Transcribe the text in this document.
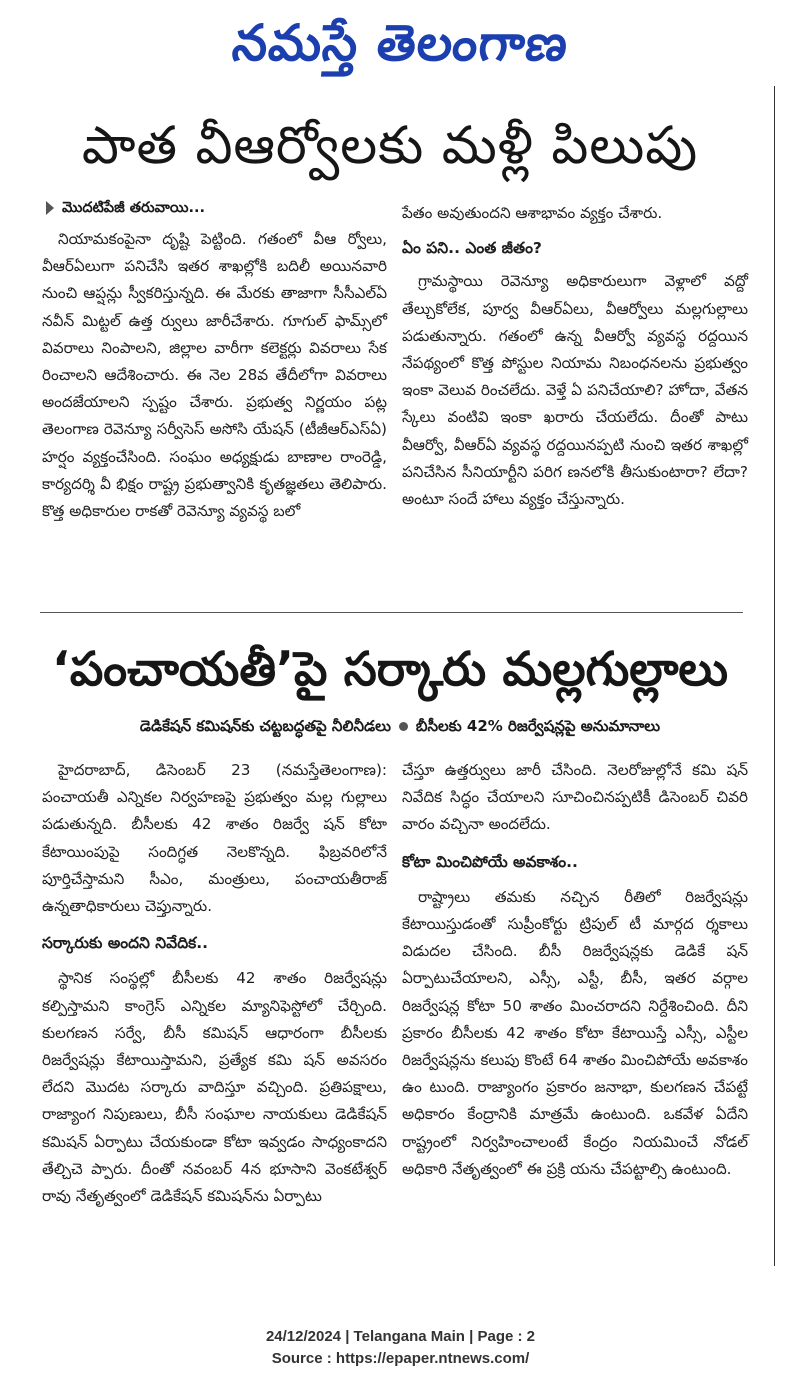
నమస్తే తెలంగాణ
పాత వీఆర్వోలకు మళ్లీ పిలుపు
మొదటిపేజీ తరువాయి...

నియామకంపైనా దృష్టి పెట్టింది. గతంలో వీఆ ర్వోలు, వీఆర్‌ఏలుగా పనిచేసి ఇతర శాఖల్లోకి బదిలీ అయినవారి నుంచి ఆప్షన్లు స్వీకరిస్తున్నది. ఈ మేరకు తాజాగా సీసీఎల్‌ఏ నవీన్ మిట్టల్ ఉత్త ర్వులు జారీచేశారు. గూగుల్ ఫామ్స్‌లో వివరాలు నింపాలని, జిల్లాల వారీగా కలెక్టర్లు వివరాలు సేక రించాలని ఆదేశించారు. ఈ నెల 28వ తేదీలోగా వివరాలు అందజేయాలని స్పష్టం చేశారు. ప్రభుత్వ నిర్ణయం పట్ల తెలంగాణ రెవెన్యూ సర్వీసెస్ అసోసి యేషన్ (టీజీఆర్‌ఎస్‌ఏ) హర్షం వ్యక్తంచేసింది. సంఘం అధ్యక్షుడు బాణాల రాంరెడ్డి, కార్యదర్శి వీ భిక్షం రాష్ట్ర ప్రభుత్వానికి కృతజ్ఞతలు తెలిపారు. కొత్త అధికారుల రాకతో రెవెన్యూ వ్యవస్థ బలో

పేతం అవుతుందని ఆశాభావం వ్యక్తం చేశారు.

ఏం పని.. ఎంత జీతం?

గ్రామస్థాయి రెవెన్యూ అధికారులుగా వెళ్లాలో వద్దో తేల్చుకోలేక, పూర్వ వీఆర్‌ఏలు, వీఆర్వోలు మల్లగుల్లాలు పడుతున్నారు. గతంలో ఉన్న వీఆర్వో వ్యవస్థ రద్దయిన నేపథ్యంలో కొత్త పోస్టుల నియామ నిబంధనలను ప్రభుత్వం ఇంకా వెలువ రించలేదు. వెళ్తే ఏ పనిచేయాలి? హోదా, వేతన స్కేలు వంటివి ఇంకా ఖరారు చేయలేదు. దీంతో పాటు వీఆర్వో, వీఆర్‌ఏ వ్యవస్థ రద్దయినప్పటి నుంచి ఇతర శాఖల్లో పనిచేసిన సీనియార్టీని పరిగ ణనలోకి తీసుకుంటారా? లేదా? అంటూ సందే హాలు వ్యక్తం చేస్తున్నారు.

‘పంచాయతీ’పై సర్కారు మల్లగుల్లాలు
డెడికేషన్ కమిషన్‌కు చట్టబద్ధతపై నీలినీడలు బీసీలకు 42% రిజర్వేషన్లపై అనుమానాలు

హైదరాబాద్, డిసెంబర్ 23 (నమస్తేతెలంగాణ): పంచాయతీ ఎన్నికల నిర్వహణపై ప్రభుత్వం మల్ల గుల్లాలు పడుతున్నది. బీసీలకు 42 శాతం రిజర్వే షన్ కోటా కేటాయింపుపై సందిగ్ధత నెలకొన్నది. ఫిబ్రవరిలోనే పూర్తిచేస్తామని సీఎం, మంత్రులు, పంచాయతీరాజ్ ఉన్నతాధికారులు చెప్తున్నారు.

సర్కారుకు అందని నివేదిక..

స్థానిక సంస్థల్లో బీసీలకు 42 శాతం రిజర్వేషన్లు కల్పిస్తామని కాంగ్రెస్ ఎన్నికల మ్యానిఫెస్టోలో చేర్చింది. కులగణన సర్వే, బీసీ కమిషన్ ఆధారంగా బీసీలకు రిజర్వేషన్లు కేటాయిస్తామని, ప్రత్యేక కమి షన్ అవసరం లేదని మొదట సర్కారు వాదిస్తూ వచ్చింది. ప్రతిపక్షాలు, రాజ్యాంగ నిపుణులు, బీసీ సంఘాల నాయకులు డెడికేషన్ కమిషన్ ఏర్పాటు చేయకుండా కోటా ఇవ్వడం సాధ్యంకాదని తేల్చిచె ప్పారు. దీంతో నవంబర్ 4న భూసాని వెంకటేశ్వర్ రావు నేతృత్వంలో డెడికేషన్ కమిషన్‌ను ఏర్పాటు

చేస్తూ ఉత్తర్వులు జారీ చేసింది. నెలరోజుల్లోనే కమి షన్ నివేదిక సిద్ధం చేయాలని సూచించినప్పటికీ డిసెంబర్ చివరి వారం వచ్చినా అందలేదు.

కోటా మించిపోయే అవకాశం..

రాష్ట్రాలు తమకు నచ్చిన రీతిలో రిజర్వేషన్లు కేటాయిస్తుడంతో సుప్రీంకోర్టు ట్రిపుల్ టీ మార్గద ర్శకాలు విడుదల చేసింది. బీసీ రిజర్వేషన్లకు డెడికే షన్ ఏర్పాటుచేయాలని, ఎస్సీ, ఎస్టీ, బీసీ, ఇతర వర్గాల రిజర్వేషన్ల కోటా 50 శాతం మించరాదని నిర్దేశించింది. దీని ప్రకారం బీసీలకు 42 శాతం కోటా కేటాయిస్తే ఎస్సీ, ఎస్టీల రిజర్వేషన్లను కలుపు కొంటే 64 శాతం మించిపోయే అవకాశం ఉం టుంది. రాజ్యాంగం ప్రకారం జనాభా, కులగణన చేపట్టే అధికారం కేంద్రానికి మాత్రమే ఉంటుంది. ఒకవేళ ఏదేని రాష్ట్రంలో నిర్వహించాలంటే కేంద్రం నియమించే నోడల్ అధికారి నేతృత్వంలో ఈ ప్రక్రి యను చేపట్టాల్సి ఉంటుంది.

24/12/2024 | Telangana Main | Page : 2
Source : https://epaper.ntnews.com/
